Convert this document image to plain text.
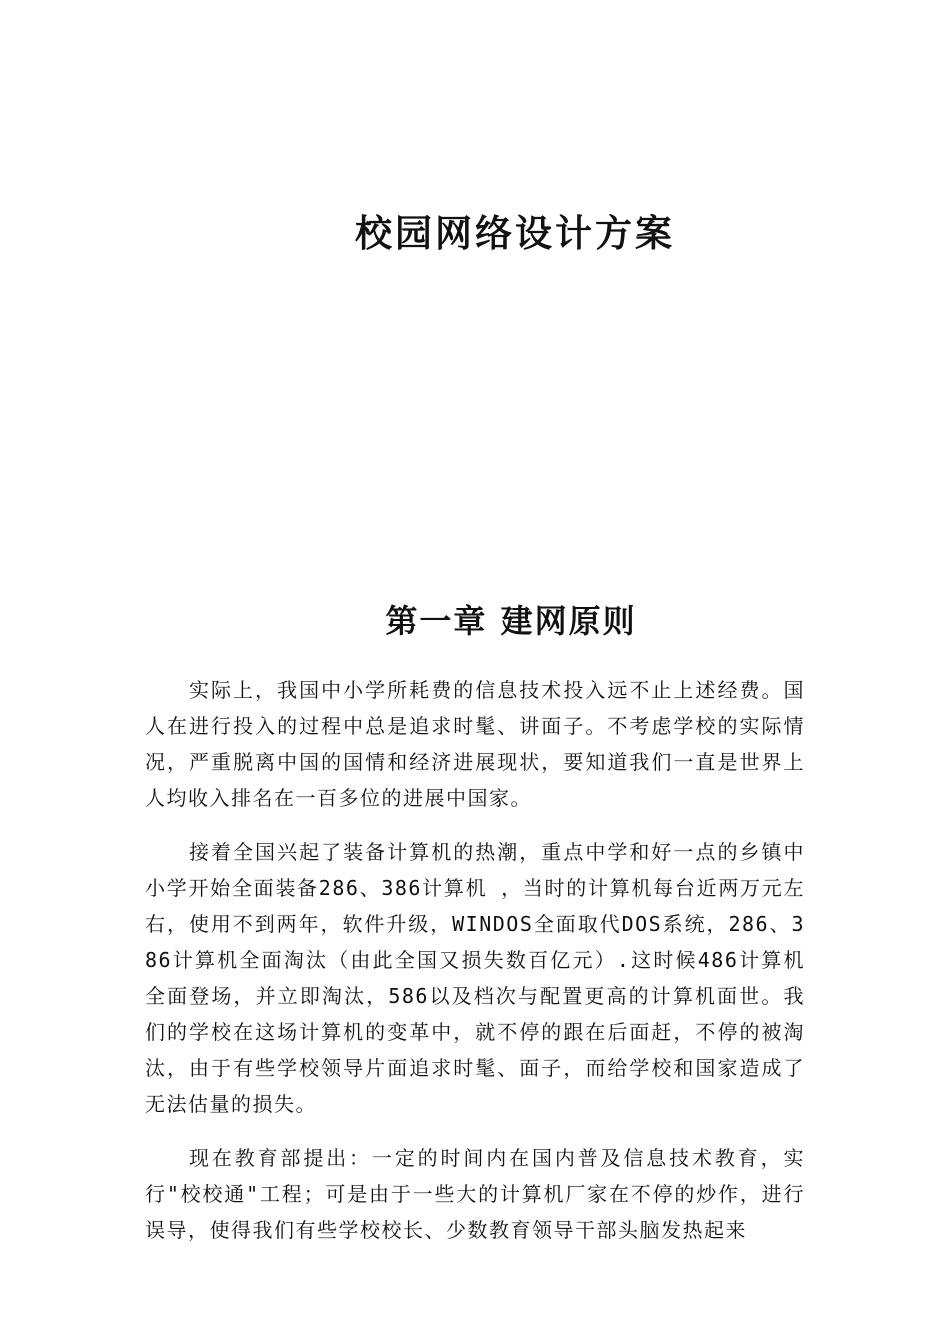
校园网络设计方案
第一章 建网原则

实际上，我国中小学所耗费的信息技术投入远不止上述经费。国人在进行投入的过程中总是追求时髦、讲面子。不考虑学校的实际情况，严重脱离中国的国情和经济进展现状，要知道我们一直是世界上人均收入排名在一百多位的进展中国家。

接着全国兴起了装备计算机的热潮，重点中学和好一点的乡镇中小学开始全面装备286、386计算机 ，当时的计算机每台近两万元左右，使用不到两年，软件升级，WINDOS全面取代DOS系统，286、386计算机全面淘汰（由此全国又损失数百亿元）.这时候486计算机全面登场，并立即淘汰，586以及档次与配置更高的计算机面世。我们的学校在这场计算机的变革中，就不停的跟在后面赶，不停的被淘汰，由于有些学校领导片面追求时髦、面子，而给学校和国家造成了无法估量的损失。

现在教育部提出：一定的时间内在国内普及信息技术教育，实行"校校通"工程；可是由于一些大的计算机厂家在不停的炒作，进行误导，使得我们有些学校校长、少数教育领导干部头脑发热起来
